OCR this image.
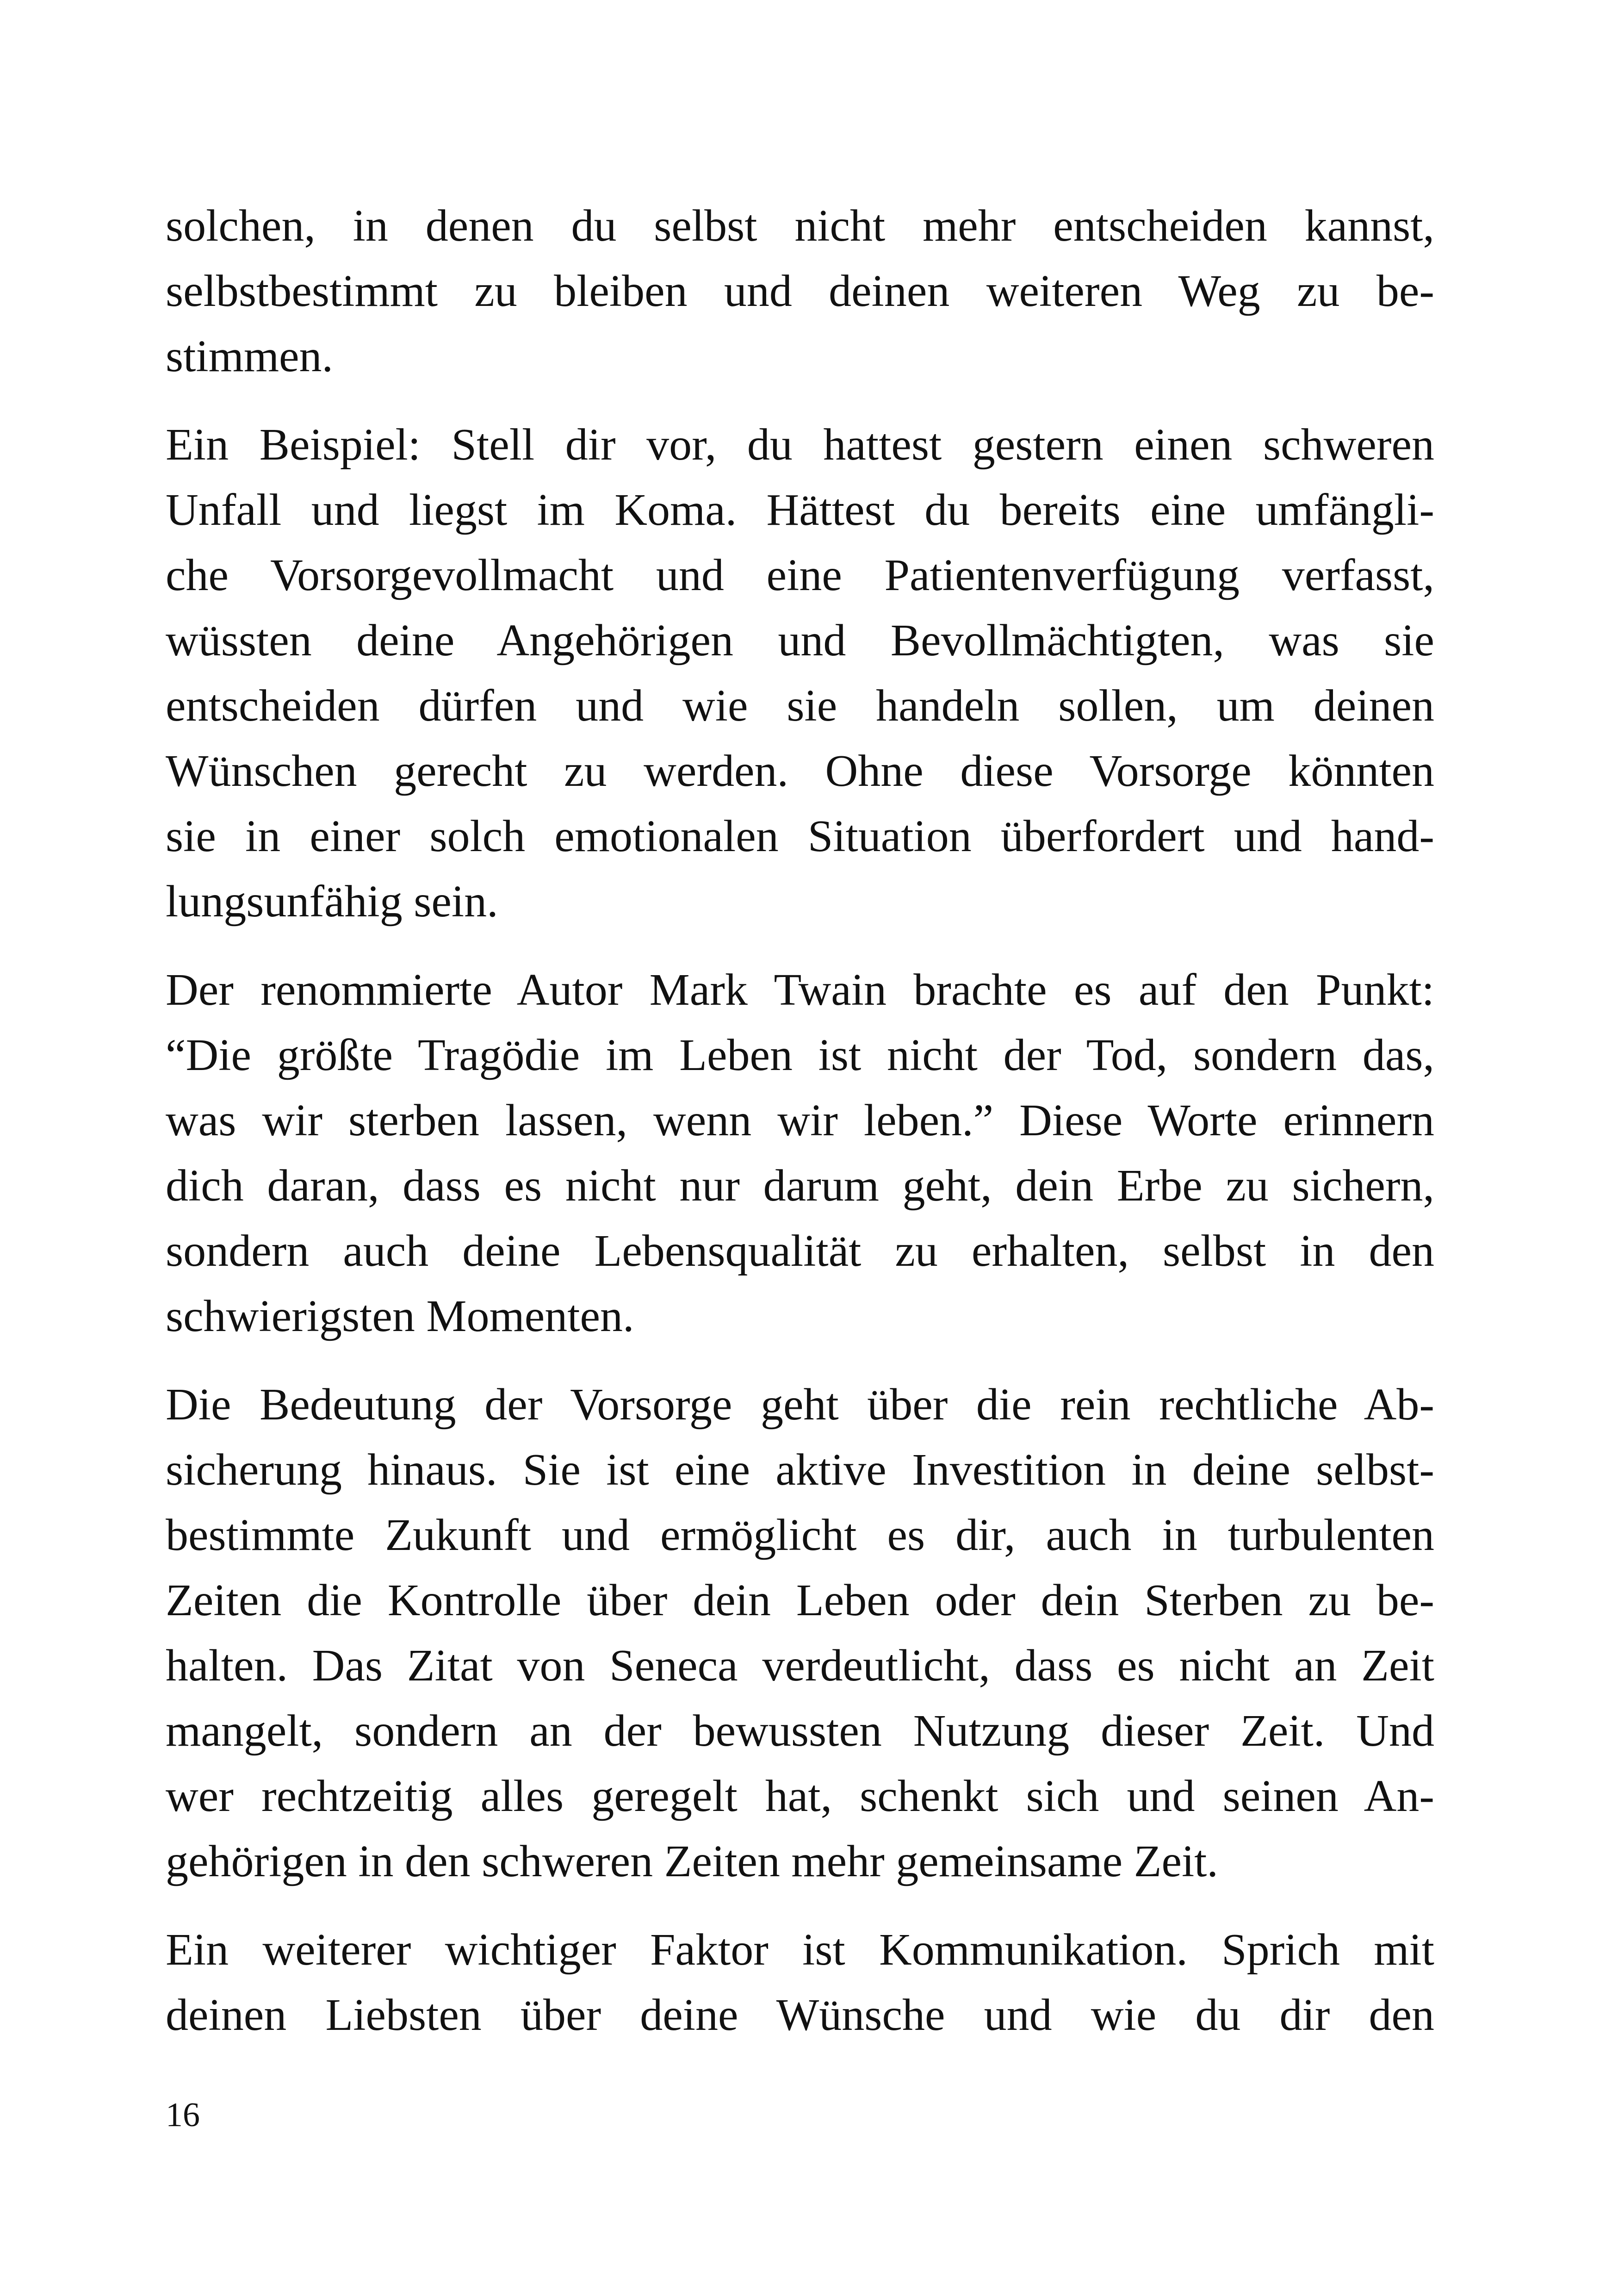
solchen, in denen du selbst nicht mehr entscheiden kannst,
selbstbestimmt zu bleiben und deinen weiteren Weg zu be-
stimmen.

Ein Beispiel: Stell dir vor, du hattest gestern einen schweren
Unfall und liegst im Koma. Hättest du bereits eine umfängli-
che Vorsorgevollmacht und eine Patientenverfügung verfasst,
wüssten deine Angehörigen und Bevollmächtigten, was sie
entscheiden dürfen und wie sie handeln sollen, um deinen
Wünschen gerecht zu werden. Ohne diese Vorsorge könnten
sie in einer solch emotionalen Situation überfordert und hand-
lungsunfähig sein.

Der renommierte Autor Mark Twain brachte es auf den Punkt:
“Die größte Tragödie im Leben ist nicht der Tod, sondern das,
was wir sterben lassen, wenn wir leben.” Diese Worte erinnern
dich daran, dass es nicht nur darum geht, dein Erbe zu sichern,
sondern auch deine Lebensqualität zu erhalten, selbst in den
schwierigsten Momenten.

Die Bedeutung der Vorsorge geht über die rein rechtliche Ab-
sicherung hinaus. Sie ist eine aktive Investition in deine selbst-
bestimmte Zukunft und ermöglicht es dir, auch in turbulenten
Zeiten die Kontrolle über dein Leben oder dein Sterben zu be-
halten. Das Zitat von Seneca verdeutlicht, dass es nicht an Zeit
mangelt, sondern an der bewussten Nutzung dieser Zeit. Und
wer rechtzeitig alles geregelt hat, schenkt sich und seinen An-
gehörigen in den schweren Zeiten mehr gemeinsame Zeit.

Ein weiterer wichtiger Faktor ist Kommunikation. Sprich mit
deinen Liebsten über deine Wünsche und wie du dir den

16
